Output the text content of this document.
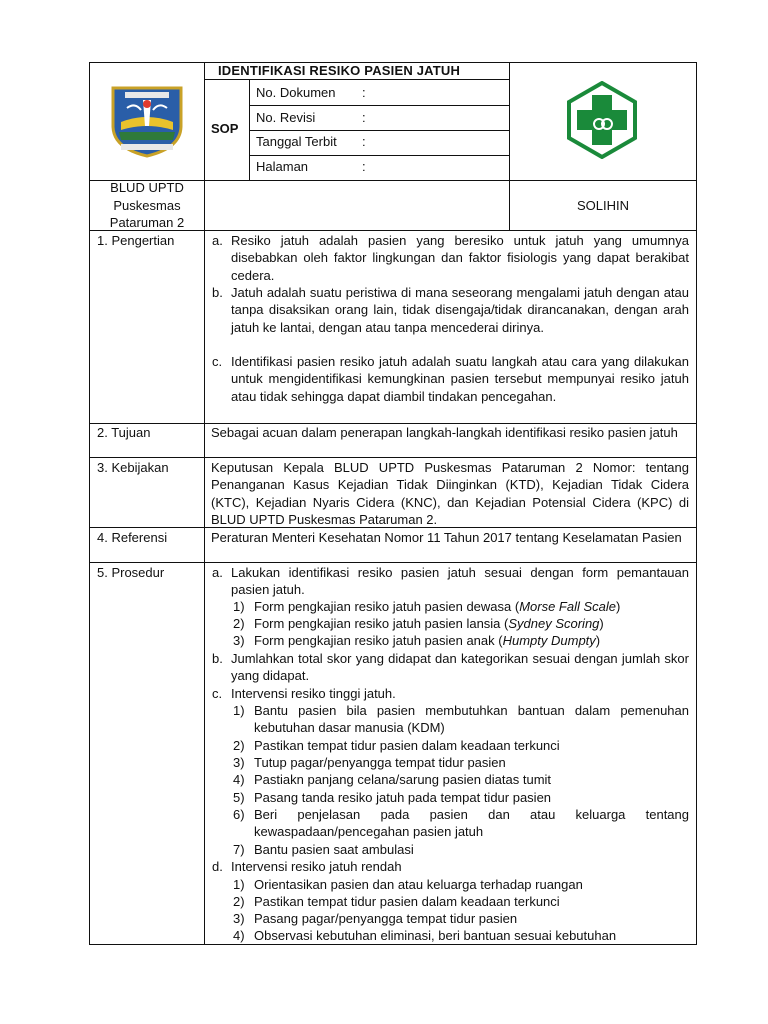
IDENTIFIKASI RESIKO PASIEN JATUH
SOP
No. Dokumen :
No. Revisi	:
Tanggal Terbit :
Halaman	:
BLUD UPTD
Puskesmas
Pataruman 2
SOLIHIN
1. Pengertian
2. Tujuan
3. Kebijakan
4. Referensi
5. Prosedur
a. Resiko jatuh adalah pasien yang beresiko untuk jatuh yang umumnya disebabkan oleh faktor lingkungan dan faktor fisiologis yang dapat berakibat cedera.
b. Jatuh adalah suatu peristiwa di mana seseorang mengalami jatuh dengan atau tanpa disaksikan orang lain, tidak disengaja/tidak dirancanakan, dengan arah jatuh ke lantai, dengan atau tanpa mencederai dirinya.
c. Identifikasi pasien resiko jatuh adalah suatu langkah atau cara yang dilakukan untuk mengidentifikasi kemungkinan pasien tersebut mempunyai resiko jatuh atau tidak sehingga dapat diambil tindakan pencegahan.
Sebagai acuan dalam penerapan langkah-langkah identifikasi resiko pasien jatuh
Keputusan Kepala BLUD UPTD Puskesmas Pataruman 2 Nomor: tentang Penanganan Kasus Kejadian Tidak Diinginkan (KTD), Kejadian Tidak Cidera (KTC), Kejadian Nyaris Cidera (KNC), dan Kejadian Potensial Cidera (KPC) di BLUD UPTD Puskesmas Pataruman 2.
Peraturan Menteri Kesehatan Nomor 11 Tahun 2017 tentang Keselamatan Pasien
a. Lakukan identifikasi resiko pasien jatuh sesuai dengan form pemantauan pasien jatuh.
1) Form pengkajian resiko jatuh pasien dewasa (Morse Fall Scale)
2) Form pengkajian resiko jatuh pasien lansia (Sydney Scoring)
3) Form pengkajian resiko jatuh pasien anak (Humpty Dumpty)
b. Jumlahkan total skor yang didapat dan kategorikan sesuai dengan jumlah skor yang didapat.
c. Intervensi resiko tinggi jatuh.
1) Bantu pasien bila pasien membutuhkan bantuan dalam pemenuhan kebutuhan dasar manusia (KDM)
2) Pastikan tempat tidur pasien dalam keadaan terkunci
3) Tutup pagar/penyangga tempat tidur pasien
4) Pastiakn panjang celana/sarung pasien diatas tumit
5) Pasang tanda resiko jatuh pada tempat tidur pasien
6) Beri penjelasan pada pasien dan atau keluarga tentang kewaspadaan/pencegahan pasien jatuh
7) Bantu pasien saat ambulasi
d. Intervensi resiko jatuh rendah
1) Orientasikan pasien dan atau keluarga terhadap ruangan
2) Pastikan tempat tidur pasien dalam keadaan terkunci
3) Pasang pagar/penyangga tempat tidur pasien
4) Observasi kebutuhan eliminasi, beri bantuan sesuai kebutuhan
